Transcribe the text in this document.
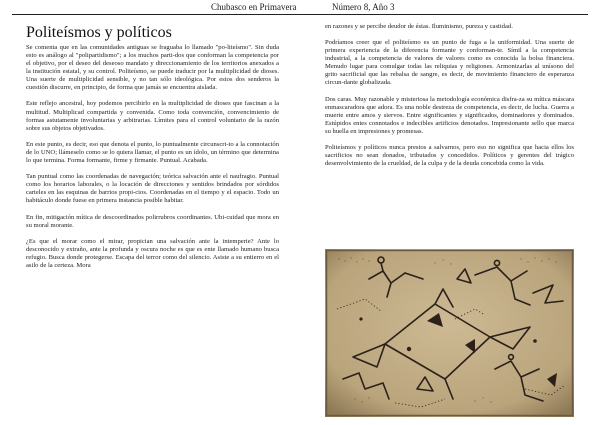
Chubasco en Primavera	Número 8, Año 3
Politeísmos y políticos

Se comenta que en las comunidades antiguas se fraguaba lo llamado "po-liteísmo". Sin duda esto es análogo al "polipartidismo"; a los muchos parti-dos que conforman la competencia por el objetivo, por el deseo del deseoso mandato y direccionamiento de los territorios anexados a la institución estatal, y su control. Politeísmo, se puede traducir por la multiplicidad de dioses. Una suerte de multiplicidad sensible, y no tan sólo ideológica. Por estos dos senderos la cuestión discurre, en principio, de forma que jamás se encuentra aislada.

Este reflejo ancestral, hoy podemos percibirlo en la multiplicidad de dioses que fascinan a la multitud. Multiplicad compartida y convenida. Como toda convención, convencimiento de formas astutamente involuntarias y arbitrarias. Límites para el control voluntario de la razón sobre sus objetos objetivados.

En este punto, es decir, eso que denota el punto, lo puntualmente circunscri-to a la connotación de lo UNO; llámeselo como se lo quiera llamar, el punto es un ídolo, un término que determina lo que termina. Forma formante, firme y firmante. Puntual. Acabada.

Tan puntual como las coordenadas de navegación; teórica salvación ante el naufragio. Puntual como los horarios laborales, o la locación de direcciones y sentidos brindados por sórdidos carteles en las esquinas de barrios propi-cios. Coordenadas en el tiempo y el espacio. Todo un habitáculo donde fuese en primera instancia posible habitar.

En fin, mitigación mítica de descoordinados polirrubros coordinantes. Ubi-cuidad que mora en su moral morante.

¿Es que el morar como el mirar, propician una salvación ante la intemperie? Ante lo desconocido y extraño, ante la profunda y oscura noche es que es ente llamado humano busca refugio. Busca donde protegerse. Escapa del terror como del silencio. Asiste a su entierro en el asilo de la certeza. Mora

en razones y se percibe deudor de éstas. Iluminismo, pureza y castidad.

Podríamos creer que el politeísmo es un punto de fuga a la uniformidad. Una suerte de primera experiencia de la diferencia formante y conforman-te. Símil a la competencia industrial, a la competencia de valores de valores como es conocida la bolsa financiera. Menudo lugar para comulgar todas las reliquias y religiones. Armonizarlas al unísono del grito sacrificial que las rebalsa de sangre, es decir, de movimiento financiero de esperanza circun-dante globalizada.

Dos caras. Muy razonable y misteriosa la metodología económica disfra-za su mítica máscara enmascaradora que adora. Es una noble destreza de competencia, es decir, de lucha. Guerra a muerte entre amos y siervos. Entre significantes y significados, dominadores y dominados. Estúpidos entes connotados e indecibles artificios denotados. Impresionante sello que marca su huella en impresiones y promesas.

Politeísmos y políticos nunca prestos a salvarnos, pero eso no significa que hacia ellos los sacrificios no sean donados, tributados y concedidos. Políticos y gerentes del trágico desenvolvimiento de la crueldad, de la culpa y de la deuda concebida como la vida.
